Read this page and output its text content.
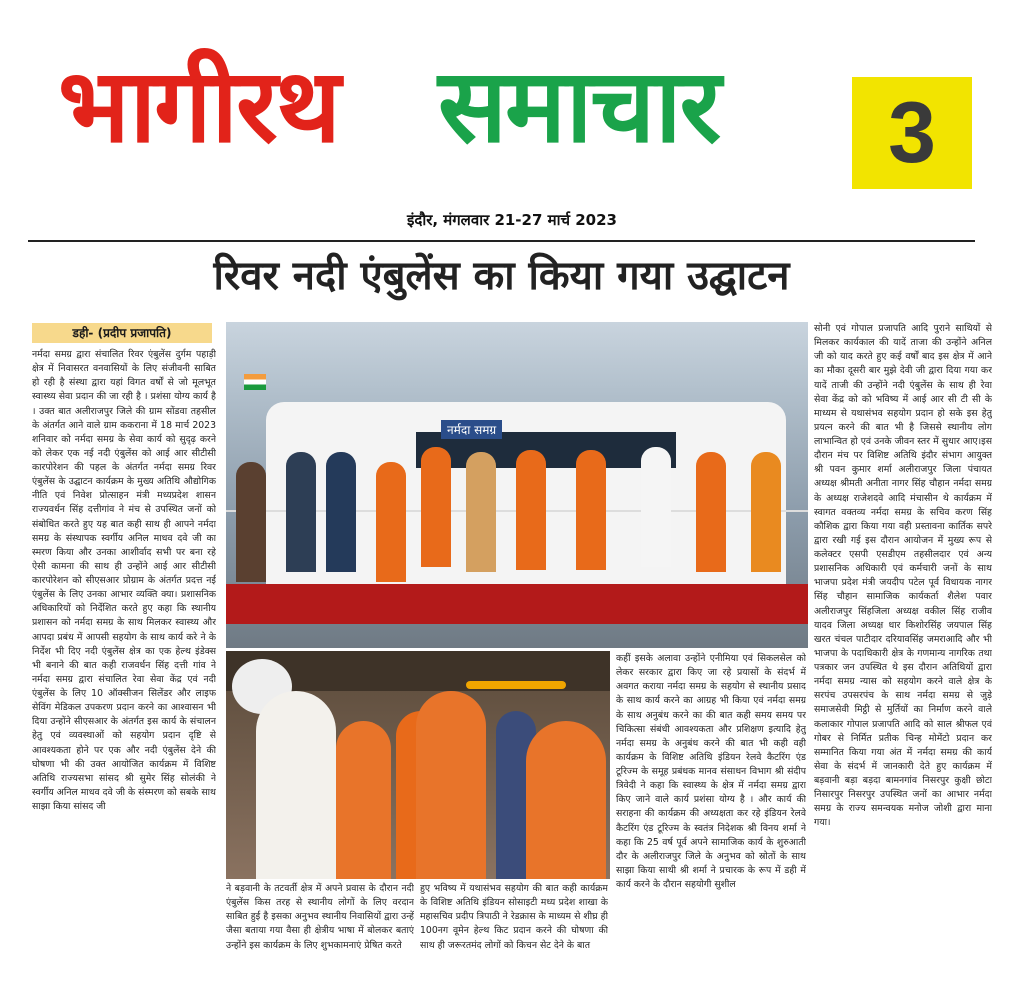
भागीरथ समाचार	3
इंदौर, मंगलवार 21-27 मार्च 2023
रिवर नदी एंबुलेंस का किया गया उद्घाटन
डही- (प्रदीप प्रजापति)

नर्मदा समग्र द्वारा संचालित रिवर एंबुलेंस दुर्गम पहाड़ी क्षेत्र में निवासरत वनवासियों के लिए संजीवनी साबित हो रही है संस्था द्वारा यहां विगत वर्षों से जो मूलभूत स्वास्थ्य सेवा प्रदान की जा रही है । प्रशंसा योग्य कार्य है । उक्त बात अलीराजपुर जिले की ग्राम सोंडवा तहसील के अंतर्गत आने वाले ग्राम ककराना में 18 मार्च 2023 शनिवार को नर्मदा समग्र के सेवा कार्य को सुदृढ़ करने को लेकर एक नई नदी एंबुलेंस को आई आर सीटीसी कारपोरेशन की पहल के अंतर्गत नर्मदा समग्र रिवर एंबुलेंस के उद्घाटन कार्यक्रम के मुख्य अतिथि औद्योगिक नीति एवं निवेश प्रोत्साहन मंत्री मध्यप्रदेश शासन राज्यवर्धन सिंह दत्तीगांव ने मंच से उपस्थित जनों को संबोधित करते हुए यह बात कही साथ ही आपने नर्मदा समग्र के संस्थापक स्वर्गीय अनिल माधव दवे जी का स्मरण किया और उनका आशीर्वाद सभी पर बना रहे ऐसी कामना की साथ ही उन्होंने आई आर सीटीसी कारपोरेशन को सीएसआर प्रोग्राम के अंतर्गत प्रदत्त नई एंबुलेंस के लिए उनका आभार व्यक्ति क्या। प्रशासनिक अधिकारियों को निर्देशित करते हुए कहा कि स्थानीय प्रशासन को नर्मदा समग्र के साथ मिलकर स्वास्थ्य और आपदा प्रबंध में आपसी सहयोग के साथ कार्य करे ने के निर्देश भी दिए नदी एंबुलेंस क्षेत्र का एक हेल्थ इंडेक्स भी बनाने की बात कही राजवर्धन सिंह दत्ती गांव ने नर्मदा समग्र द्वारा संचालित रेवा सेवा केंद्र एवं नदी एंबुलेंस के लिए 10 ऑक्सीजन सिलेंडर और लाइफ सेविंग मेडिकल उपकरण प्रदान करने का आश्वासन भी दिया उन्होंने सीएसआर के अंतर्गत इस कार्य के संचालन हेतु एवं व्यवस्थाओं को सहयोग प्रदान दृष्टि से आवश्यकता होने पर एक और नदी एंबुलेंस देने की घोषणा भी की उक्त आयोजित कार्यक्रम में विशिष्ट अतिथि राज्यसभा सांसद श्री सुमेर सिंह सोलंकी ने स्वर्गीय अनिल माधव दवे जी के संस्मरण को सबके साथ साझा किया सांसद जी

नर्मदा समग्र

ने बड़वानी के तटवर्ती क्षेत्र में अपने प्रवास के दौरान नदी एंबुलेंस किस तरह से स्थानीय लोगों के लिए वरदान साबित हुई है इसका अनुभव स्थानीय निवासियों द्वारा उन्हें जैसा बताया गया वैसा ही क्षेत्रीय भाषा में बोलकर बताएं उन्होंने इस कार्यक्रम के लिए शुभकामनाएं प्रेषित करते

हुए भविष्य में यथासंभव सहयोग की बात कही कार्यक्रम के विशिष्ट अतिथि इंडियन सोसाइटी मध्य प्रदेश शाखा के महासचिव प्रदीप त्रिपाठी ने रेडक्रास के माध्यम से शीघ्र ही 100नग वूमेन हेल्थ किट प्रदान करने की घोषणा की साथ ही जरूरतमंद लोगों को किचन सेट देने के बात

कहीं इसके अलावा उन्होंने एनीमिया एवं सिकलसेल को लेकर सरकार द्वारा किए जा रहे प्रयासों के संदर्भ में अवगत कराया नर्मदा समग्र के सहयोग से स्थानीय प्रसाद के साथ कार्य करने का आग्रह भी किया एवं नर्मदा समग्र के साथ अनुबंध करने का की बात कही समय समय पर चिकित्सा संबंधी आवश्यकता और प्रशिक्षण इत्यादि हेतु नर्मदा समग्र के अनुबंध करने की बात भी कही वही कार्यक्रम के विशिष्ट अतिथि इंडियन रेलवे कैटरिंग एंड टूरिज्म के समूह प्रबंधक मानव संसाधन विभाग श्री संदीप त्रिवेदी ने कहा कि स्वास्थ्य के क्षेत्र में नर्मदा समग्र द्वारा किए जाने वाले कार्य प्रशंसा योग्य है । और कार्य की सराहना की कार्यक्रम की अध्यक्षता कर रहे इंडियन रेलवे कैटरिंग एंड टूरिज्म के स्वतंत्र निदेशक श्री विनय शर्मा ने कहा कि 25 वर्ष पूर्व अपने सामाजिक कार्य के शुरुआती दौर के अलीराजपुर जिले के अनुभव को स्रोतों के साथ साझा किया साथी श्री शर्मा ने प्रचारक के रूप में डही में कार्य करने के दौरान सहयोगी सुशील

सोनी एवं गोपाल प्रजापति आदि पुराने साथियों से मिलकर कार्यकाल की यादें ताजा की उन्होंने अनिल जी को याद करते हुए कई वर्षों बाद इस क्षेत्र में आने का मौका दूसरी बार मुझे देवी जी द्वारा दिया गया कर यादें ताजी की उन्होंने नदी एंबुलेंस के साथ ही रेवा सेवा केंद्र को को भविष्य में आई आर सी टी सी के माध्यम से यथासंभव सहयोग प्रदान हो सके इस हेतु प्रयत्न करने की बात भी है जिससे स्थानीय लोग लाभान्वित हो एवं उनके जीवन स्तर में सुधार आए।इस दौरान मंच पर विशिष्ट अतिथि इंदौर संभाग आयुक्त श्री पवन कुमार शर्मा अलीराजपुर जिला पंचायत अध्यक्ष श्रीमती अनीता नागर सिंह चौहान नर्मदा समग्र के अध्यक्ष राजेशदवे आदि मंचासीन थे कार्यक्रम में स्वागत वक्तव्य नर्मदा समग्र के सचिव करण सिंह कौशिक द्वारा किया गया वही प्रस्तावना कार्तिक सपरे द्वारा रखी गई इस दौरान आयोजन में मुख्य रूप से कलेक्टर एसपी एसडीएम तहसीलदार एवं अन्य प्रशासनिक अधिकारी एवं कर्मचारी जनों के साथ भाजपा प्रदेश मंत्री जयदीप पटेल पूर्व विधायक नागर सिंह चौहान सामाजिक कार्यकर्ता शैलेश पवार अलीराजपुर सिंहजिला अध्यक्ष वकील सिंह राजीव यादव जिला अध्यक्ष धार किशोरसिंह जयपाल सिंह खरत चंचल पाटीदार दरियावसिंह जमराआदि और भी भाजपा के पदाधिकारी क्षेत्र के गणमान्य नागरिक तथा पत्रकार जन उपस्थित थे इस दौरान अतिथियों द्वारा नर्मदा समग्र न्यास को सहयोग करने वाले क्षेत्र के सरपंच उपसरपंच के साथ नर्मदा समग्र से जुड़े समाजसेवी मिट्ठी से मुर्तियों का निर्माण करने वाले कलाकार गोपाल प्रजापति आदि को साल श्रीफल एवं गोबर से निर्मित प्रतीक चिन्ह मोमेंटो प्रदान कर सम्मानित किया गया अंत में नर्मदा समग्र की कार्य सेवा के संदर्भ में जानकारी देते हुए कार्यक्रम में बड़वानी बड़ा बड़दा बामनगांव निसरपुर कुक्षी छोटा निसारपुर निसरपुर उपस्थित जनों का आभार नर्मदा समग्र के राज्य समन्वयक मनोज जोशी द्वारा माना गया।
